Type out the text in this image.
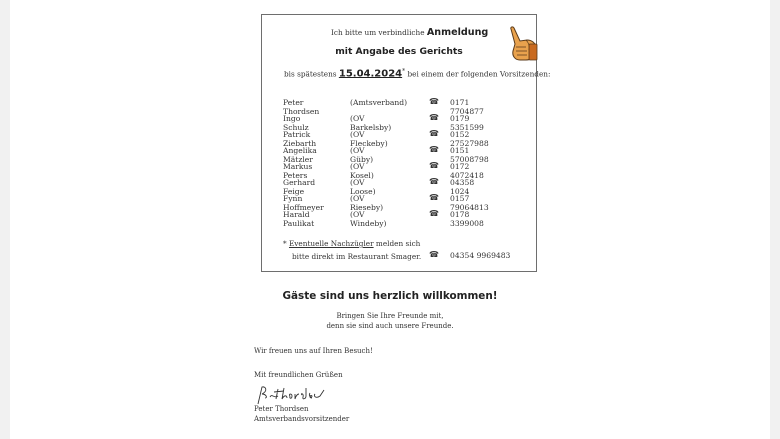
Ich bitte um verbindliche Anmeldung
mit Angabe des Gerichts
bis spätestens 15.04.2024* bei einem der folgenden Vorsitzenden:
Peter Thordsen
(Amtsverband)	☎ 0171 7704877
Ingo Schulz
(OV Barkelsby)
☎ 0179 5351599
Patrick Ziebarth
(OV Fleckeby)
☎ 0152 27527988
Angelika Mätzler
(OV Güby)
☎ 0151 57008798
Markus Peters
(OV Kosel)
☎ 0172 4072418
Gerhard Feige
(OV Loose)
☎ 04358 1024
Fynn Hoffmeyer
(OV Rieseby)
☎ 0157 79064813
Harald Paulikat
(OV Windeby)
☎ 0178 3399008
* Eventuelle Nachzügler melden sich
bitte direkt im Restaurant Smager. ☎ 04354 9969483
Gäste sind uns herzlich willkommen!
Bringen Sie Ihre Freunde mit,
denn sie sind auch unsere Freunde.
Wir freuen uns auf Ihren Besuch!
Mit freundlichen Grüßen
Peter Thordsen
Amtsverbandsvorsitzender
